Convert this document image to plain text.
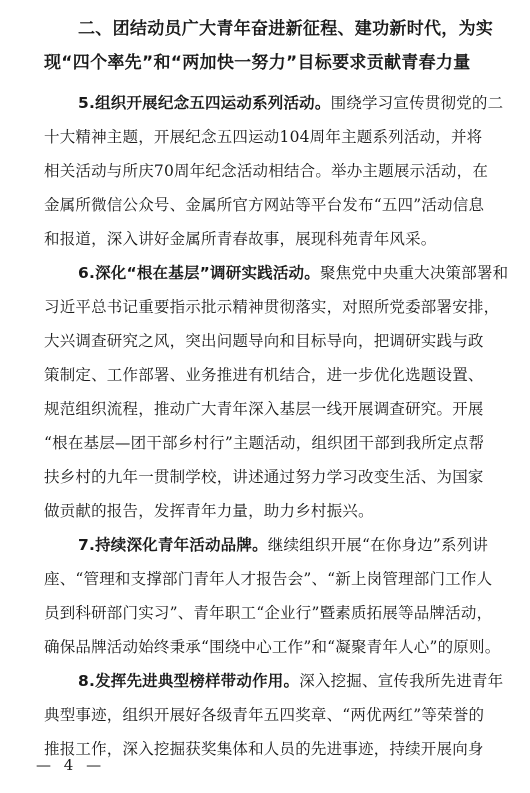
二、团结动员广大青年奋进新征程、建功新时代，为实
现“四个率先”和“两加快一努力”目标要求贡献青春力量
5.组织开展纪念五四运动系列活动。围绕学习宣传贯彻党的二
十大精神主题，开展纪念五四运动104周年主题系列活动，并将
相关活动与所庆70周年纪念活动相结合。举办主题展示活动，在
金属所微信公众号、金属所官方网站等平台发布“五四”活动信息
和报道，深入讲好金属所青春故事，展现科苑青年风采。
6.深化“根在基层”调研实践活动。聚焦党中央重大决策部署和
习近平总书记重要指示批示精神贯彻落实，对照所党委部署安排，
大兴调查研究之风，突出问题导向和目标导向，把调研实践与政
策制定、工作部署、业务推进有机结合，进一步优化选题设置、
规范组织流程，推动广大青年深入基层一线开展调查研究。开展
“根在基层—团干部乡村行”主题活动，组织团干部到我所定点帮
扶乡村的九年一贯制学校，讲述通过努力学习改变生活、为国家
做贡献的报告，发挥青年力量，助力乡村振兴。
7.持续深化青年活动品牌。继续组织开展“在你身边”系列讲
座、“管理和支撑部门青年人才报告会”、“新上岗管理部门工作人
员到科研部门实习”、青年职工“企业行”暨素质拓展等品牌活动，
确保品牌活动始终秉承“围绕中心工作”和“凝聚青年人心”的原则。
8.发挥先进典型榜样带动作用。深入挖掘、宣传我所先进青年
典型事迹，组织开展好各级青年五四奖章、“两优两红”等荣誉的
推报工作，深入挖掘获奖集体和人员的先进事迹，持续开展向身
— 4 —
